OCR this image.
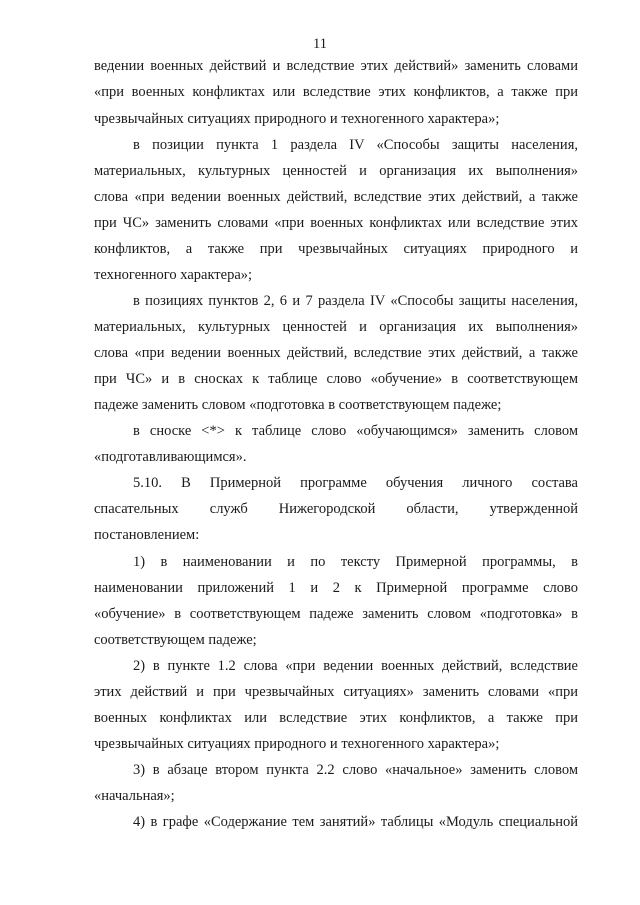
11
ведении военных действий и вследствие этих действий» заменить словами
«при военных конфликтах или вследствие этих конфликтов, а также при
чрезвычайных ситуациях природного и техногенного характера»;
в позиции пункта 1 раздела IV «Способы защиты населения,
материальных, культурных ценностей и организация их выполнения»
слова «при ведении военных действий, вследствие этих действий, а также
при ЧС» заменить словами «при военных конфликтах или вследствие этих
конфликтов, а также при чрезвычайных ситуациях природного и
техногенного характера»;
в позициях пунктов 2, 6 и 7 раздела IV «Способы защиты населения,
материальных, культурных ценностей и организация их выполнения»
слова «при ведении военных действий, вследствие этих действий, а также
при ЧС» и в сносках к таблице слово «обучение» в соответствующем
падеже заменить словом «подготовка в соответствующем падеже;
в сноске <*> к таблице слово «обучающимся» заменить словом
«подготавливающимся».
5.10. В Примерной программе обучения личного состава
спасательных служб Нижегородской области, утвержденной
постановлением:
1) в наименовании и по тексту Примерной программы, в
наименовании приложений 1 и 2 к Примерной программе слово
«обучение» в соответствующем падеже заменить словом «подготовка» в
соответствующем падеже;
2) в пункте 1.2 слова «при ведении военных действий, вследствие
этих действий и при чрезвычайных ситуациях» заменить словами «при
военных конфликтах или вследствие этих конфликтов, а также при
чрезвычайных ситуациях природного и техногенного характера»;
3) в абзаце втором пункта 2.2 слово «начальное» заменить словом
«начальная»;
4) в графе «Содержание тем занятий» таблицы «Модуль специальной
